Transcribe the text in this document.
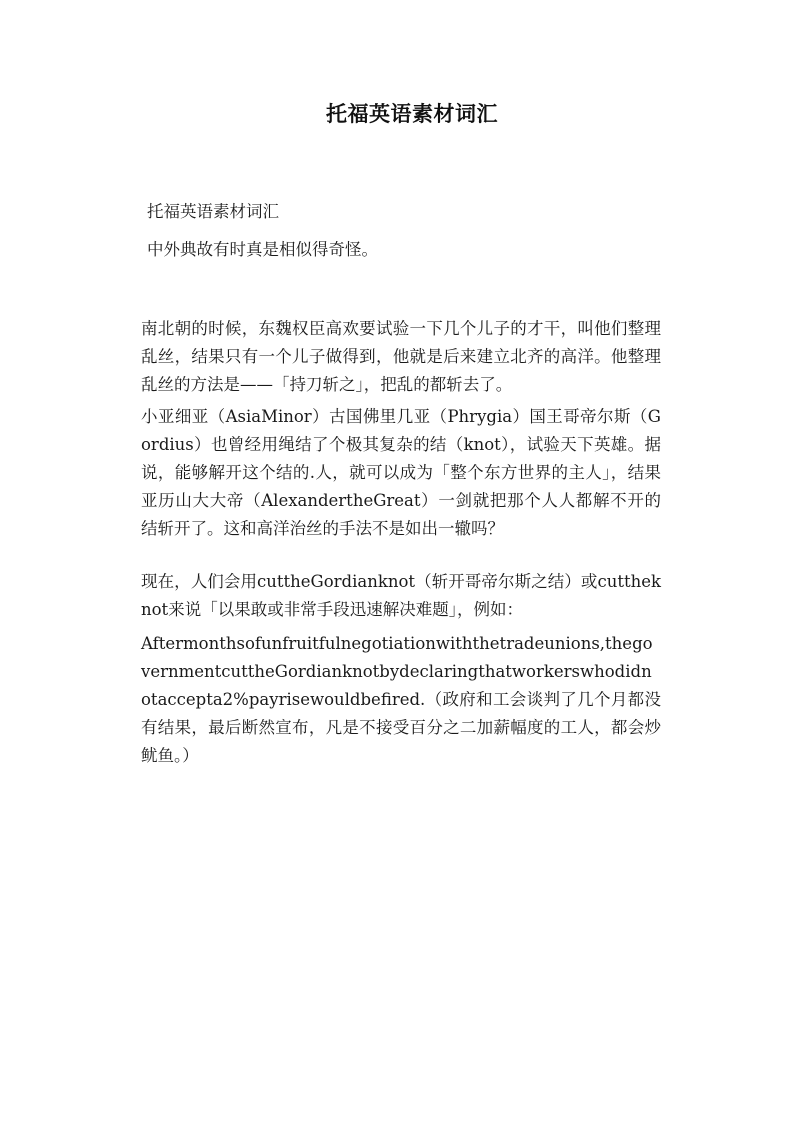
托福英语素材词汇

托福英语素材词汇

中外典故有时真是相似得奇怪。

南北朝的时候，东魏权臣高欢要试验一下几个儿子的才干，叫他们整理乱丝，结果只有一个儿子做得到，他就是后来建立北齐的高洋。他整理乱丝的方法是——「持刀斩之」，把乱的都斩去了。

小亚细亚（AsiaMinor）古国佛里几亚（Phrygia）国王哥帝尔斯（Gordius）也曾经用绳结了个极其复杂的结（knot），试验天下英雄。据说，能够解开这个结的.人，就可以成为「整个东方世界的主人」，结果亚历山大大帝（AlexandertheGreat）一剑就把那个人人都解不开的结斩开了。这和高洋治丝的手法不是如出一辙吗？

现在，人们会用cuttheGordianknot（斩开哥帝尔斯之结）或cuttheknot来说「以果敢或非常手段迅速解决难题」，例如：

Aftermonthsofunfruitfulnegotiationwiththetradeunions,thegovernmentcuttheGordianknotbydeclaringthatworkerswhodidnotaccepta2%payrisewouldbefired.（政府和工会谈判了几个月都没有结果，最后断然宣布，凡是不接受百分之二加薪幅度的工人，都会炒鱿鱼。）
